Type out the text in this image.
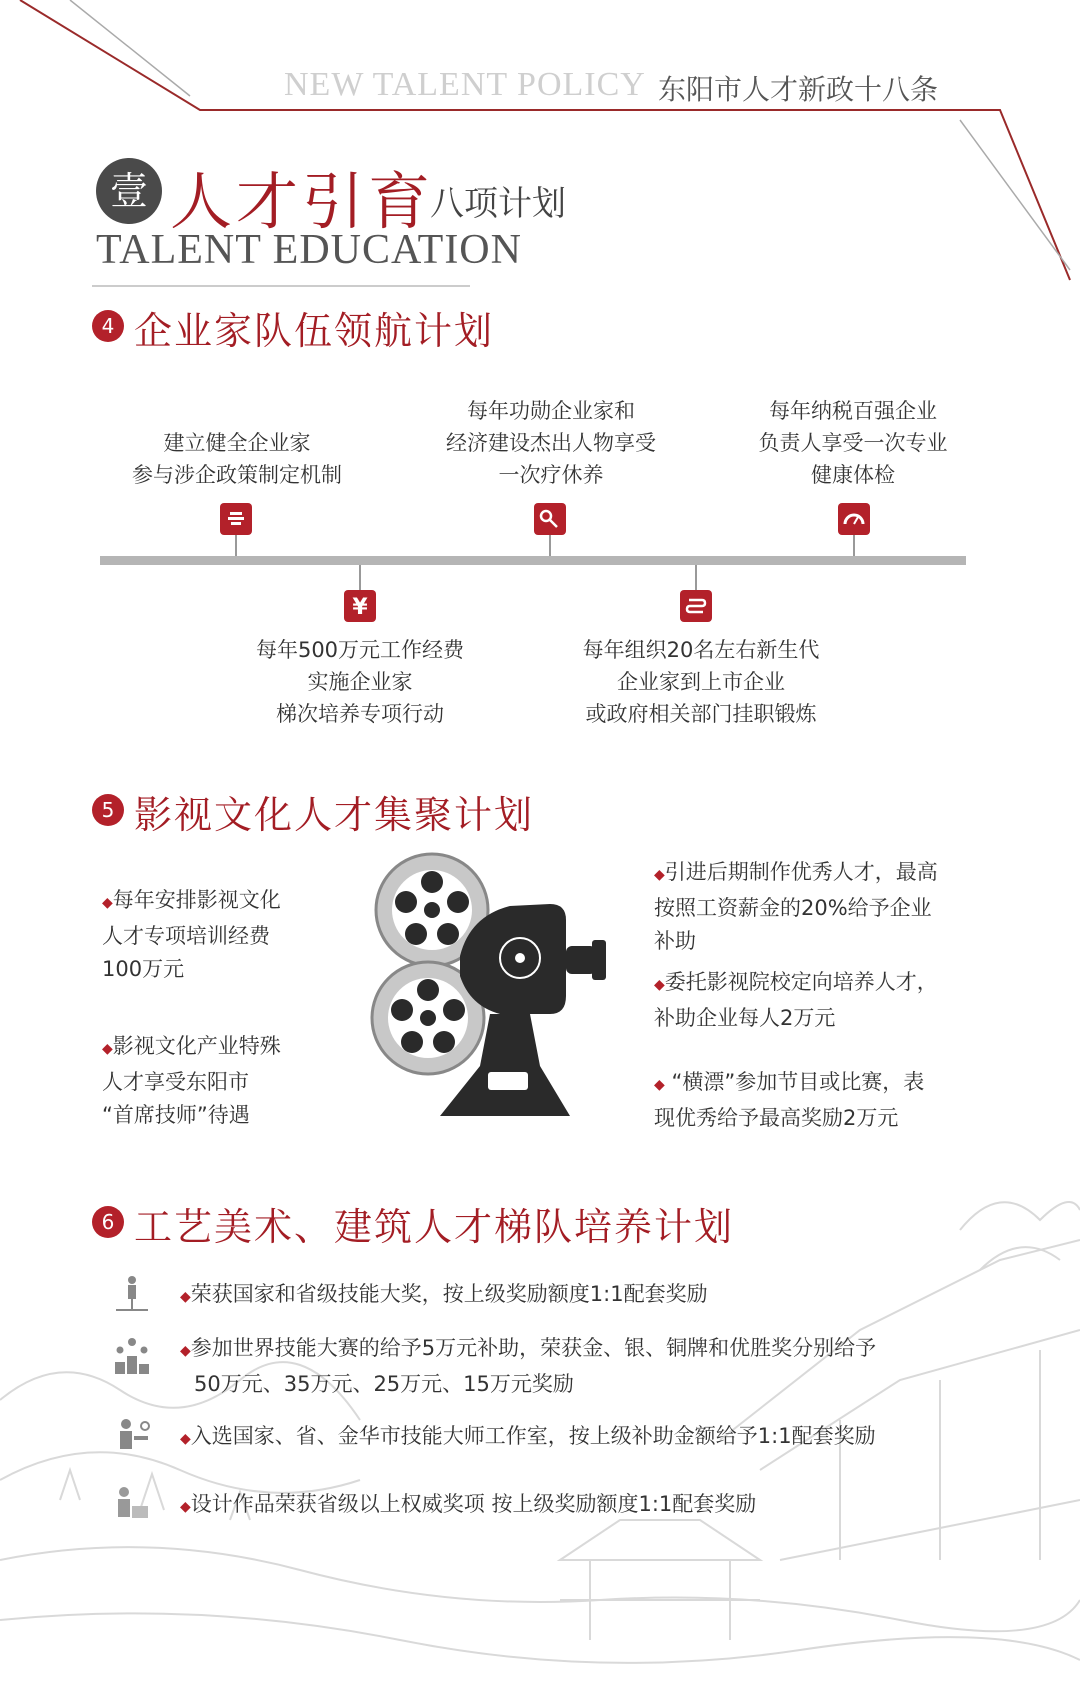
NEW TALENT POLICY 东阳市人才新政十八条
壹 人才引育
八项计划
TALENT EDUCATION
4 企业家队伍领航计划
建立健全企业家
参与涉企政策制定机制
每年功勋企业家和
经济建设杰出人物享受
一次疗休养
每年纳税百强企业
负责人享受一次专业
健康体检
¥
每年500万元工作经费
实施企业家
梯次培养专项行动
每年组织20名左右新生代
企业家到上市企业
或政府相关部门挂职锻炼
5 影视文化人才集聚计划
◆每年安排影视文化
人才专项培训经费
100万元
◆影视文化产业特殊
人才享受东阳市
“首席技师”待遇
◆引进后期制作优秀人才，最高
按照工资薪金的20%给予企业
补助
◆委托影视院校定向培养人才，
补助企业每人2万元
◆ “横漂”参加节目或比赛，表
现优秀给予最高奖励2万元
6 工艺美术、建筑人才梯队培养计划
◆荣获国家和省级技能大奖，按上级奖励额度1:1配套奖励
◆参加世界技能大赛的给予5万元补助，荣获金、银、铜牌和优胜奖分别给予
50万元、35万元、25万元、15万元奖励
◆入选国家、省、金华市技能大师工作室，按上级补助金额给予1:1配套奖励
◆设计作品荣获省级以上权威奖项 按上级奖励额度1:1配套奖励
